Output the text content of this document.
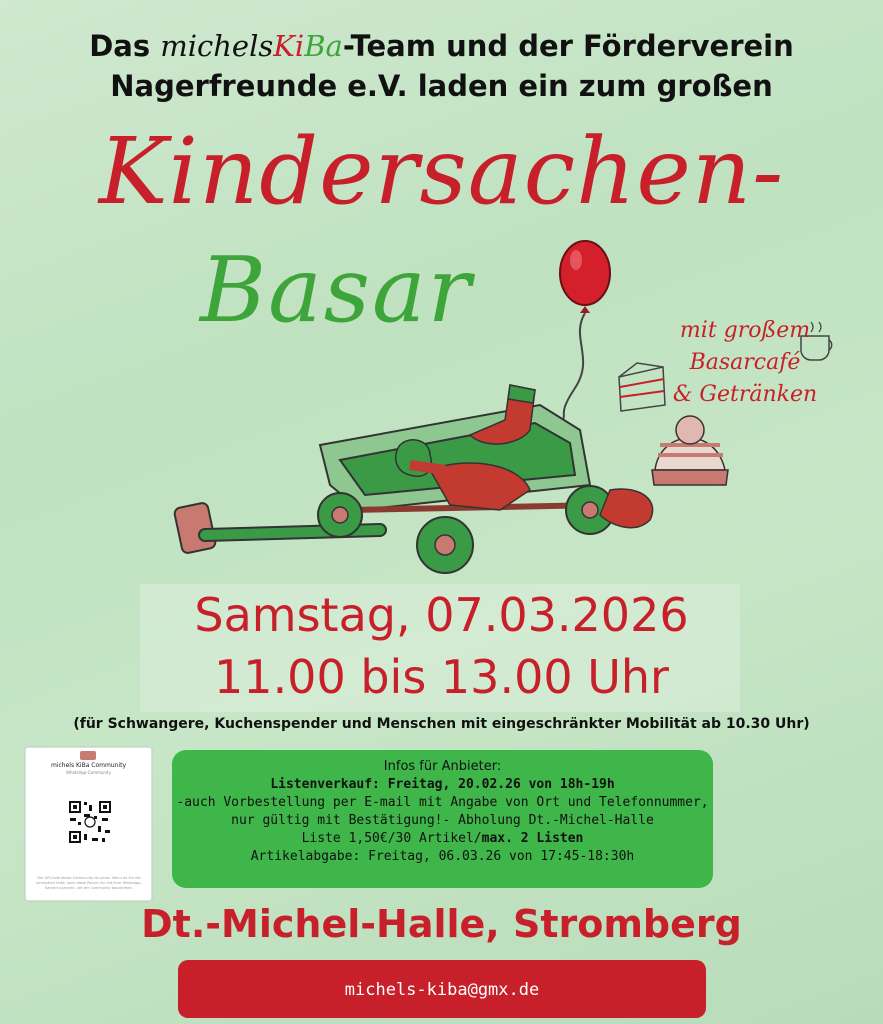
Das michelsKiBa-Team und der Förderverein
Nagerfreunde e.V. laden ein zum großen
Kindersachen-
Basar	mit großem
Basarcafé
& Getränken
Samstag, 07.03.2026
11.00 bis 13.00 Uhr
(für Schwangere, Kuchenspender und Menschen mit eingeschränkter Mobilität ab 10.30 Uhr)
michels KiBa Community
WhatsApp-Community
Der QR-Code dieser Community ist privat. Wenn du ihn mit jemandem teilst, kann diese Person ihn mit ihrer WhatsApp-Kamera scannen, um der Community beizutreten.
Infos für Anbieter:
Listenverkauf: Freitag, 20.02.26 von 18h-19h
-auch Vorbestellung per E-mail mit Angabe von Ort und Telefonnummer,
nur gültig mit Bestätigung!- Abholung Dt.-Michel-Halle
Liste 1,50€/30 Artikel/max. 2 Listen
Artikelabgabe: Freitag, 06.03.26 von 17:45-18:30h
Dt.-Michel-Halle, Stromberg
michels-kiba@gmx.de
